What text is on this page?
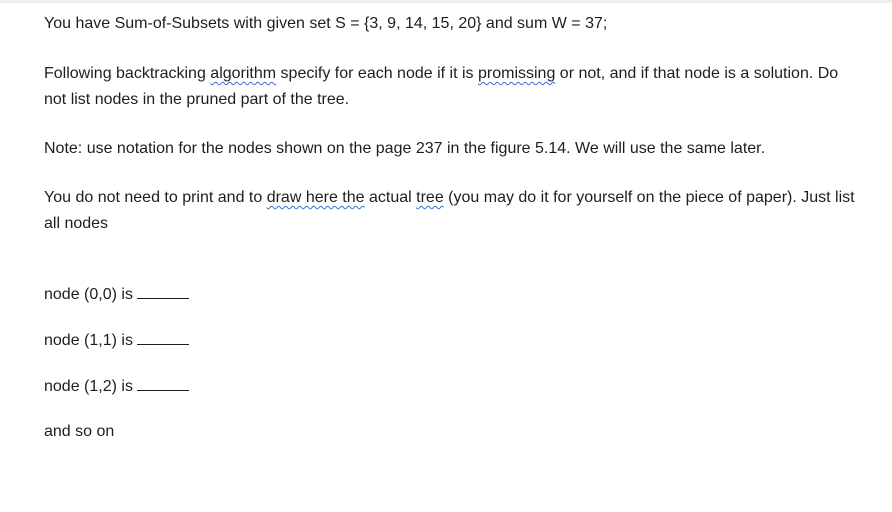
You have Sum-of-Subsets with given set S = {3, 9, 14, 15, 20} and sum W = 37;

Following backtracking algorithm specify for each node if it is promissing or not, and if that node is a solution. Do not list nodes in the pruned part of the tree.

Note: use notation for the nodes shown on the page 237 in the figure 5.14. We will use the same later.

You do not need to print and to draw here the actual tree (you may do it for yourself on the piece of paper). Just list all nodes

node (0,0) is

node (1,1) is

node (1,2) is

and so on
